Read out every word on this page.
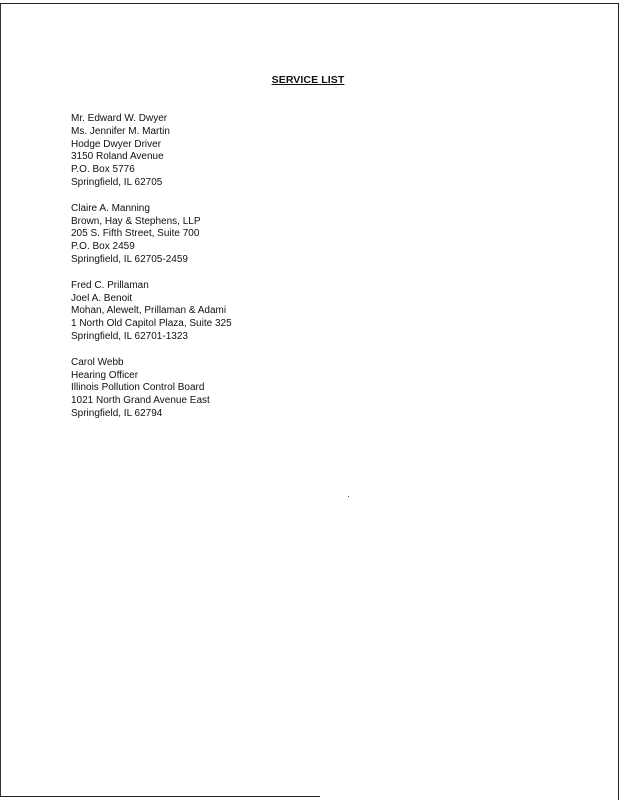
SERVICE LIST
Mr. Edward W. Dwyer
Ms. Jennifer M. Martin
Hodge Dwyer Driver
3150 Roland Avenue
P.O. Box 5776
Springfield, IL 62705
Claire A. Manning
Brown, Hay & Stephens, LLP
205 S. Fifth Street, Suite 700
P.O. Box 2459
Springfield, IL 62705-2459
Fred C. Prillaman
Joel A. Benoit
Mohan, Alewelt, Prillaman & Adami
1 North Old Capitol Plaza, Suite 325
Springfield, IL 62701-1323
Carol Webb
Hearing Officer
Illinois Pollution Control Board
1021 North Grand Avenue East
Springfield, IL 62794
